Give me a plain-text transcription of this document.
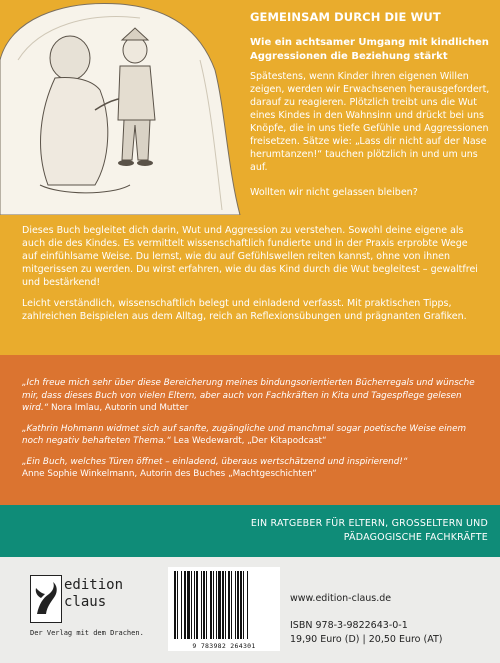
GEMEINSAM DURCH DIE WUT
Wie ein achtsamer Umgang mit kindlichen Aggressionen die Beziehung stärkt

Spätestens, wenn Kinder ihren eigenen Willen zeigen, werden wir Erwachsenen herausgefordert, darauf zu reagieren. Plötzlich treibt uns die Wut eines Kindes in den Wahnsinn und drückt bei uns Knöpfe, die in uns tiefe Gefühle und Aggressionen freisetzen. Sätze wie: „Lass dir nicht auf der Nase herumtanzen!“ tauchen plötzlich in und um uns auf.

Wollten wir nicht gelassen bleiben?

Dieses Buch begleitet dich darin, Wut und Aggression zu verstehen. Sowohl deine eigene als auch die des Kindes. Es vermittelt wissenschaftlich fundierte und in der Praxis erprobte Wege auf einfühlsame Weise. Du lernst, wie du auf Gefühlswellen reiten kannst, ohne von ihnen mitgerissen zu werden. Du wirst erfahren, wie du das Kind durch die Wut begleitest – gewaltfrei und bestärkend!

Leicht verständlich, wissenschaftlich belegt und einladend verfasst. Mit praktischen Tipps, zahlreichen Beispielen aus dem Alltag, reich an Reflexionsübungen und prägnanten Grafiken.

„Ich freue mich sehr über diese Bereicherung meines bindungsorientierten Bücherregals und wünsche mir, dass dieses Buch von vielen Eltern, aber auch von Fachkräften in Kita und Tagespflege gelesen wird.“ Nora Imlau, Autorin und Mutter

„Kathrin Hohmann widmet sich auf sanfte, zugängliche und manchmal sogar poetische Weise einem noch negativ behafteten Thema.“ Lea Wedewardt, „Der Kitapodcast“

„Ein Buch, welches Türen öffnet – einladend, überaus wertschätzend und inspirierend!“
Anne Sophie Winkelmann, Autorin des Buches „Machtgeschichten“

EIN RATGEBER FÜR ELTERN, GROSSELTERN UND
PÄDAGOGISCHE FACHKRÄFTE
edition
claus
Der Verlag mit dem Drachen.
9 783982 264301
www.edition-claus.de
ISBN 978-3-9822643-0-1
19,90 Euro (D) | 20,50 Euro (AT)
